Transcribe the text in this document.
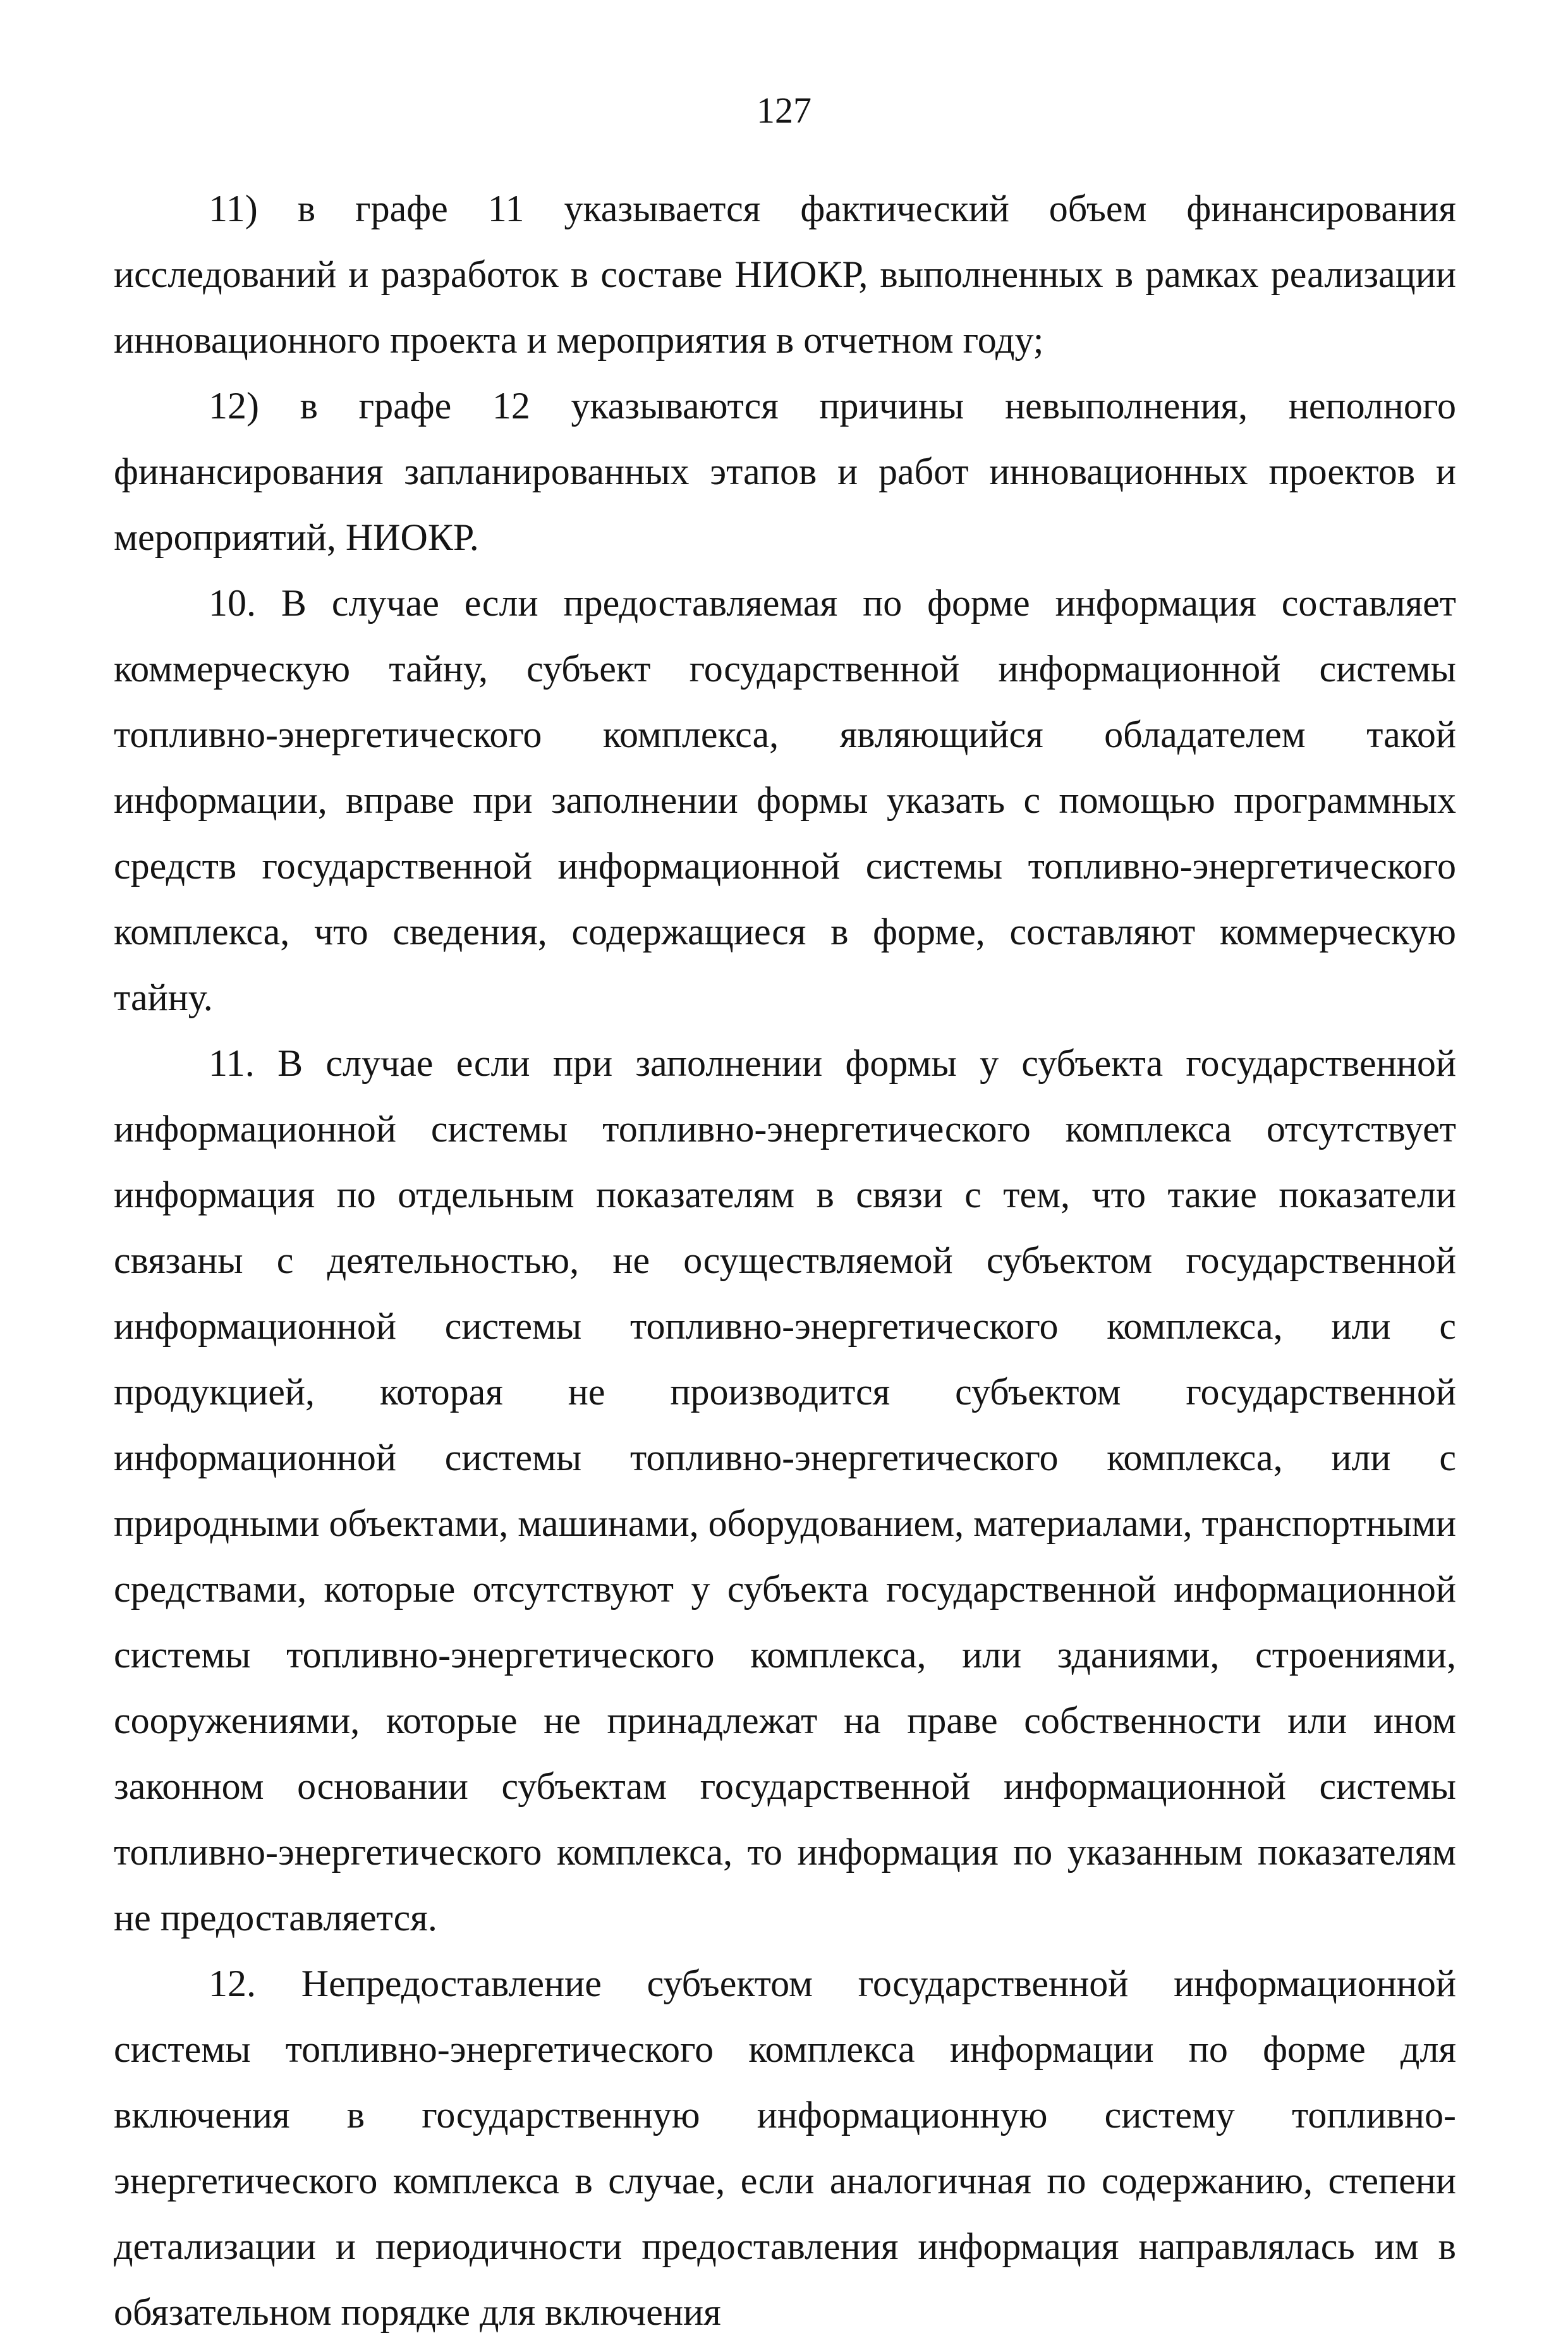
127

11) в графе 11 указывается фактический объем финансирования исследований и разработок в составе НИОКР, выполненных в рамках реализации инновационного проекта и мероприятия в отчетном году;

12) в графе 12 указываются причины невыполнения, неполного финансирования запланированных этапов и работ инновационных проектов и мероприятий, НИОКР.

10. В случае если предоставляемая по форме информация составляет коммерческую тайну, субъект государственной информационной системы топливно-энергетического комплекса, являющийся обладателем такой информации, вправе при заполнении формы указать с помощью программных средств государственной информационной системы топливно-энергетического комплекса, что сведения, содержащиеся в форме, составляют коммерческую тайну.

11. В случае если при заполнении формы у субъекта государственной информационной системы топливно-энергетического комплекса отсутствует информация по отдельным показателям в связи с тем, что такие показатели связаны с деятельностью, не осуществляемой субъектом государственной информационной системы топливно-энергетического комплекса, или с продукцией, которая не производится субъектом государственной информационной системы топливно-энергетического комплекса, или с природными объектами, машинами, оборудованием, материалами, транспортными средствами, которые отсутствуют у субъекта государственной информационной системы топливно-энергетического комплекса, или зданиями, строениями, сооружениями, которые не принадлежат на праве собственности или ином законном основании субъектам государственной информационной системы топливно-энергетического комплекса, то информация по указанным показателям не предоставляется.

12. Непредоставление субъектом государственной информационной системы топливно-энергетического комплекса информации по форме для включения в государственную информационную систему топливно-энергетического комплекса в случае, если аналогичная по содержанию, степени детализации и периодичности предоставления информация направлялась им в обязательном порядке для включения
